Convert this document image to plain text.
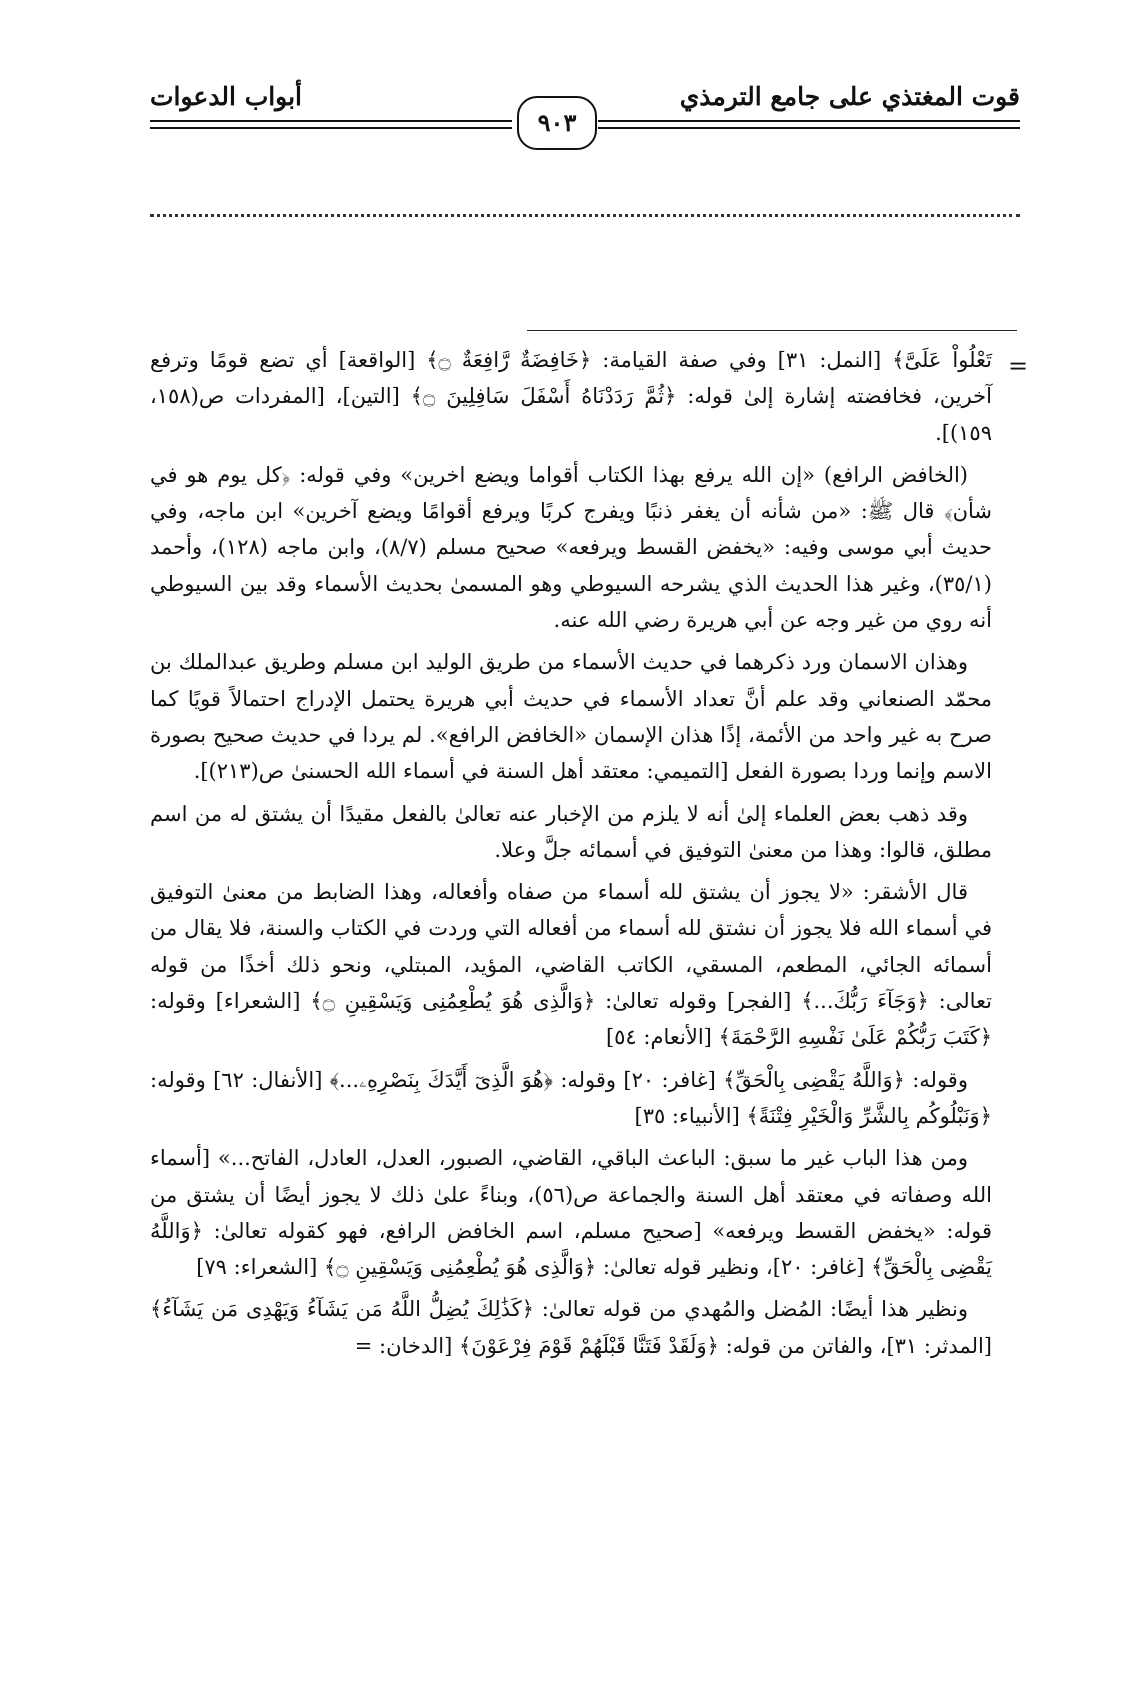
قوت المغتذي على جامع الترمذي
أبواب الدعوات
٩٠٣
=

تَعْلُواْ عَلَىَّ﴾ [النمل: ٣١] وفي صفة القيامة: ﴿خَافِضَةٌ رَّافِعَةٌ ۝﴾ [الواقعة] أي تضع قومًا وترفع آخرين، فخافضته إشارة إلىٰ قوله: ﴿ثُمَّ رَدَدْنَاهُ أَسْفَلَ سَافِلِينَ ۝﴾ [التين]، [المفردات ص(١٥٨، ١٥٩)].

(الخافض الرافع) «إن الله يرفع بهذا الكتاب أقواما ويضع اخرين» وفي قوله: ﴿كل يوم هو في شأن﴾ قال ﷺ: «من شأنه أن يغفر ذنبًا ويفرج كربًا ويرفع أقوامًا ويضع آخرين» ابن ماجه، وفي حديث أبي موسى وفيه: «يخفض القسط ويرفعه» صحيح مسلم (٨/٧)، وابن ماجه (١٢٨)، وأحمد (٣٥/١)، وغير هذا الحديث الذي يشرحه السيوطي وهو المسمىٰ بحديث الأسماء وقد بين السيوطي أنه روي من غير وجه عن أبي هريرة رضي الله عنه.

وهذان الاسمان ورد ذكرهما في حديث الأسماء من طريق الوليد ابن مسلم وطريق عبدالملك بن محمّد الصنعاني وقد علم أنَّ تعداد الأسماء في حديث أبي هريرة يحتمل الإدراج احتمالاً قويًا كما صرح به غير واحد من الأئمة، إذًا هذان الإسمان «الخافض الرافع». لم يردا في حديث صحيح بصورة الاسم وإنما وردا بصورة الفعل [التميمي: معتقد أهل السنة في أسماء الله الحسنىٰ ص(٢١٣)].

وقد ذهب بعض العلماء إلىٰ أنه لا يلزم من الإخبار عنه تعالىٰ بالفعل مقيدًا أن يشتق له من اسم مطلق، قالوا: وهذا من معنىٰ التوفيق في أسمائه جلَّ وعلا.

قال الأشقر: «لا يجوز أن يشتق لله أسماء من صفاه وأفعاله، وهذا الضابط من معنىٰ التوفيق في أسماء الله فلا يجوز أن نشتق لله أسماء من أفعاله التي وردت في الكتاب والسنة، فلا يقال من أسمائه الجائي، المطعم، المسقي، الكاتب القاضي، المؤيد، المبتلي، ونحو ذلك أخذًا من قوله تعالى: ﴿وَجَآءَ رَبُّكَ...﴾ [الفجر] وقوله تعالىٰ: ﴿وَالَّذِى هُوَ يُطْعِمُنِى وَيَسْقِينِ ۝﴾ [الشعراء] وقوله: ﴿كَتَبَ رَبُّكُمْ عَلَىٰ نَفْسِهِ الرَّحْمَةَ﴾ [الأنعام: ٥٤]

وقوله: ﴿وَاللَّهُ يَقْضِى بِالْحَقِّ﴾ [غافر: ٢٠] وقوله: ﴿هُوَ الَّذِىٓ أَيَّدَكَ بِنَصْرِهِۦ...﴾ [الأنفال: ٦٢] وقوله: ﴿وَنَبْلُوكُم بِالشَّرِّ وَالْخَيْرِ فِتْنَةً﴾ [الأنبياء: ٣٥]

ومن هذا الباب غير ما سبق: الباعث الباقي، القاضي، الصبور، العدل، العادل، الفاتح...» [أسماء الله وصفاته في معتقد أهل السنة والجماعة ص(٥٦)، وبناءً علىٰ ذلك لا يجوز أيضًا أن يشتق من قوله: «يخفض القسط ويرفعه» [صحيح مسلم، اسم الخافض الرافع، فهو كقوله تعالىٰ: ﴿وَاللَّهُ يَقْضِى بِالْحَقِّ﴾ [غافر: ٢٠]، ونظير قوله تعالىٰ: ﴿وَالَّذِى هُوَ يُطْعِمُنِى وَيَسْقِينِ ۝﴾ [الشعراء: ٧٩]

ونظير هذا أيضًا: المُضل والمُهدي من قوله تعالىٰ: ﴿كَذَٰلِكَ يُضِلُّ اللَّهُ مَن يَشَآءُ وَيَهْدِى مَن يَشَآءُ﴾ [المدثر: ٣١]، والفاتن من قوله: ﴿وَلَقَدْ فَتَنَّا قَبْلَهُمْ قَوْمَ فِرْعَوْنَ﴾ [الدخان: =
